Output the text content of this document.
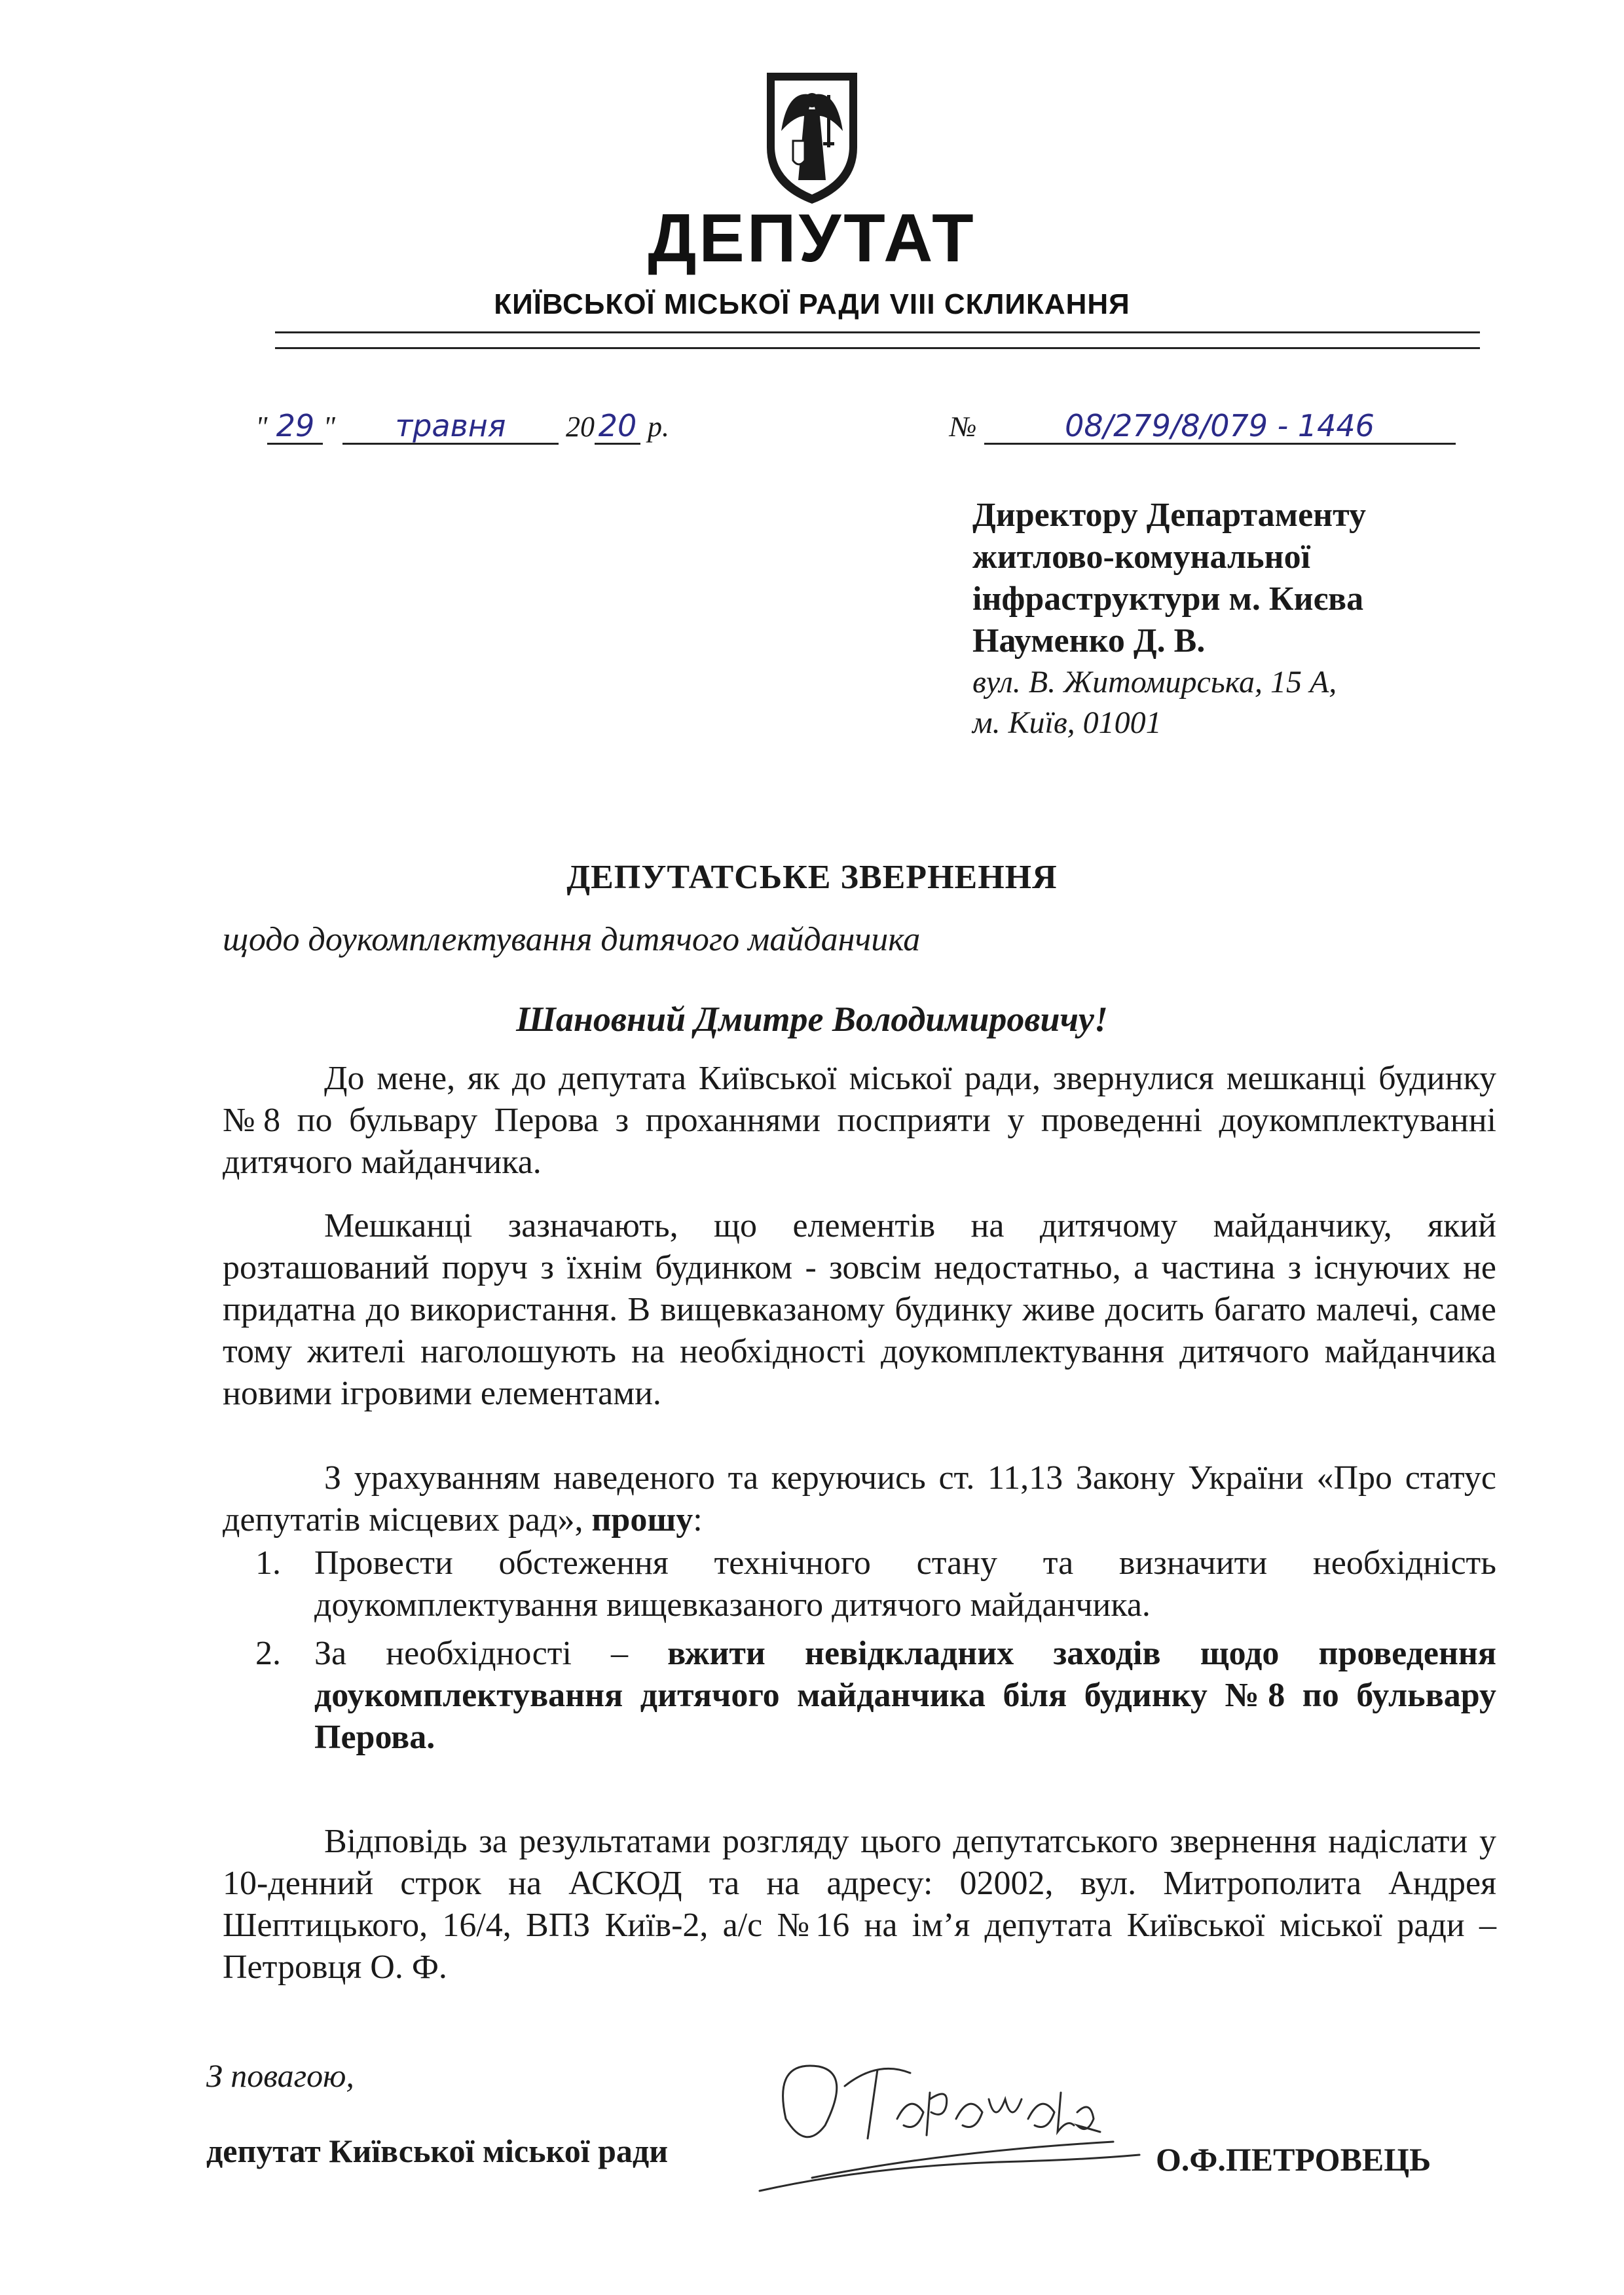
ДЕПУТАТ
КИЇВСЬКОЇ МІСЬКОЇ РАДИ VIII СКЛИКАННЯ
" 29 " травня 20 20 р.	№	08/279/8/079 - 1446
Директору Департаменту
житлово-комунальної
інфраструктури м. Києва
Науменко Д. В.
вул. В. Житомирська, 15 А,
м. Київ, 01001
ДЕПУТАТСЬКЕ ЗВЕРНЕННЯ
щодо доукомплектування дитячого майданчика
Шановний Дмитре Володимировичу!
До мене, як до депутата Київської міської ради, звернулися мешканці будинку №8 по бульвару Перова з проханнями посприяти у проведенні доукомплектуванні дитячого майданчика.
Мешканці зазначають, що елементів на дитячому майданчику, який розташований поруч з їхнім будинком - зовсім недостатньо, а частина з існуючих не придатна до використання. В вищевказаному будинку живе досить багато малечі, саме тому жителі наголошують на необхідності доукомплектування дитячого майданчика новими ігровими елементами.
З урахуванням наведеного та керуючись ст. 11,13 Закону України «Про статус депутатів місцевих рад», прошу:
1. Провести обстеження технічного стану та визначити необхідність доукомплектування вищевказаного дитячого майданчика.
2. За необхідності – вжити невідкладних заходів щодо проведення доукомплектування дитячого майданчика біля будинку №8 по бульвару Перова.
Відповідь за результатами розгляду цього депутатського звернення надіслати у 10-денний строк на АСКОД та на адресу: 02002, вул. Митрополита Андрея Шептицького, 16/4, ВПЗ Київ-2, а/с №16 на ім’я депутата Київської міської ради – Петровця О. Ф.
З повагою,
депутат Київської міської ради	О.Ф.ПЕТРОВЕЦЬ
